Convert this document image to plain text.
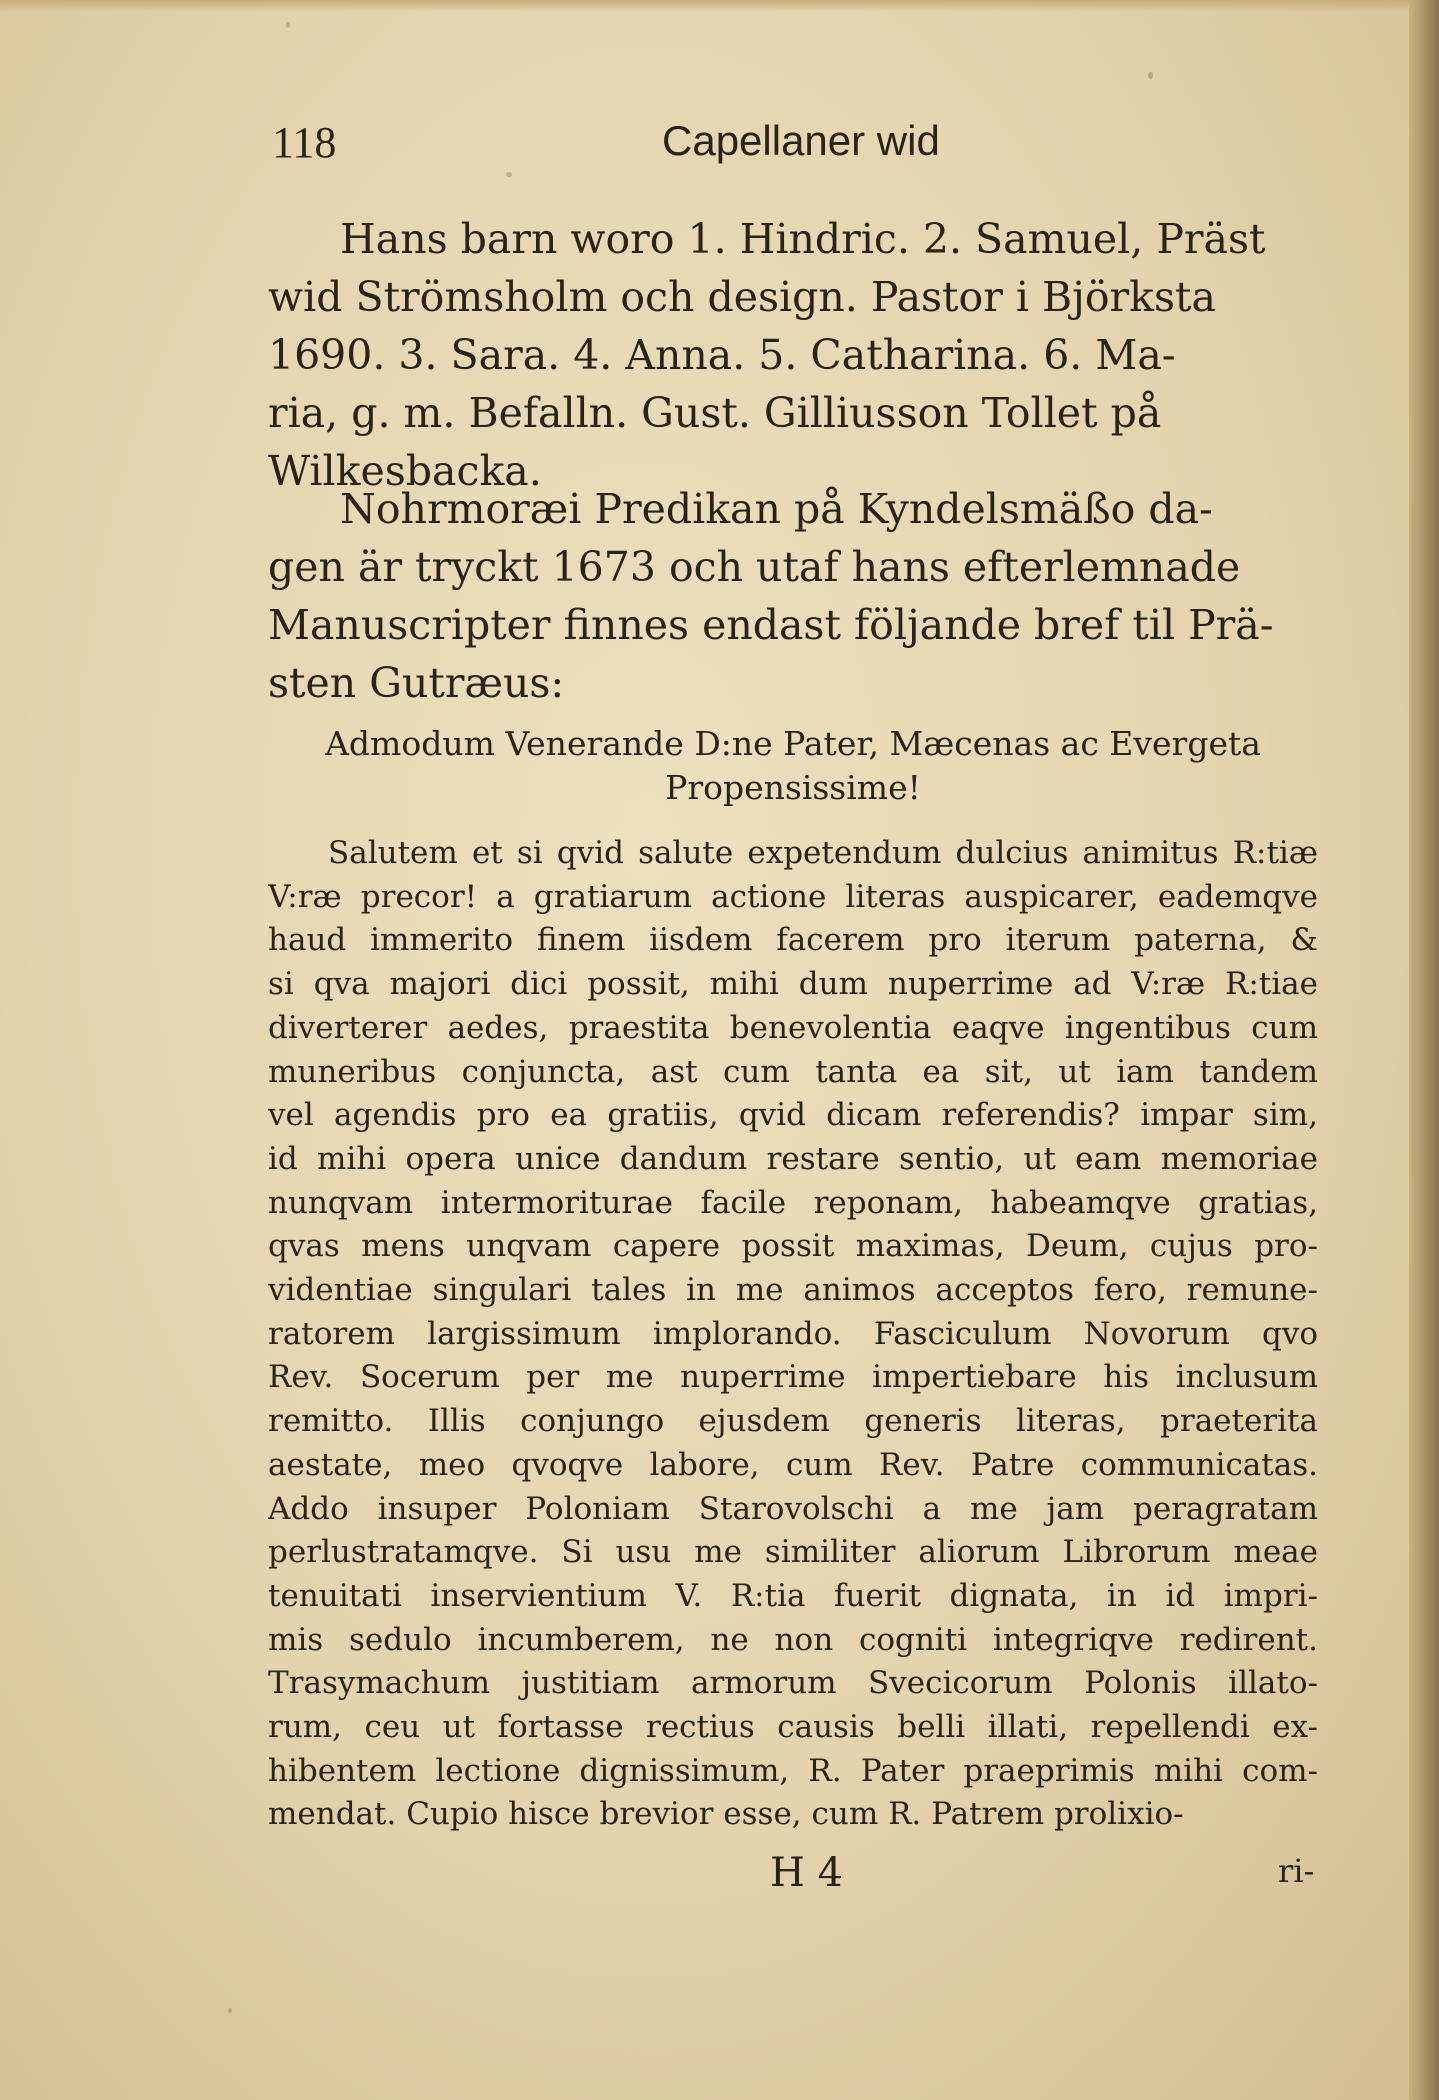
118	Capellaner wid
Hans barn woro 1. Hindric. 2. Samuel, Präst
wid Strömsholm och design. Pastor i Björksta
1690. 3. Sara. 4. Anna. 5. Catharina. 6. Ma-
ria, g. m. Befalln. Gust. Gilliusson Tollet på
Wilkesbacka.
Nohrmoræi Predikan på Kyndelsmäßo da-
gen är tryckt 1673 och utaf hans efterlemnade
Manuscripter finnes endast följande bref til Prä-
sten Gutræus:
Admodum Venerande D:ne Pater, Mæcenas ac Evergeta
Propensissime!
Salutem et si qvid salute expetendum dulcius animitus R:tiæ
V:ræ precor! a gratiarum actione literas auspicarer, eademqve
haud immerito finem iisdem facerem pro iterum paterna, &
si qva majori dici possit, mihi dum nuperrime ad V:ræ R:tiae
diverterer aedes, praestita benevolentia eaqve ingentibus cum
muneribus conjuncta, ast cum tanta ea sit, ut iam tandem
vel agendis pro ea gratiis, qvid dicam referendis? impar sim,
id mihi opera unice dandum restare sentio, ut eam memoriae
nunqvam intermoriturae facile reponam, habeamqve gratias,
qvas mens unqvam capere possit maximas, Deum, cujus pro-
videntiae singulari tales in me animos acceptos fero, remune-
ratorem largissimum implorando. Fasciculum Novorum qvo
Rev. Socerum per me nuperrime impertiebare his inclusum
remitto. Illis conjungo ejusdem generis literas, praeterita
aestate, meo qvoqve labore, cum Rev. Patre communicatas.
Addo insuper Poloniam Starovolschi a me jam peragratam
perlustratamqve. Si usu me similiter aliorum Librorum meae
tenuitati inservientium V. R:tia fuerit dignata, in id impri-
mis sedulo incumberem, ne non cogniti integriqve redirent.
Trasymachum justitiam armorum Svecicorum Polonis illato-
rum, ceu ut fortasse rectius causis belli illati, repellendi ex-
hibentem lectione dignissimum, R. Pater praeprimis mihi com-
mendat. Cupio hisce brevior esse, cum R. Patrem prolixio-
H 4	ri-
